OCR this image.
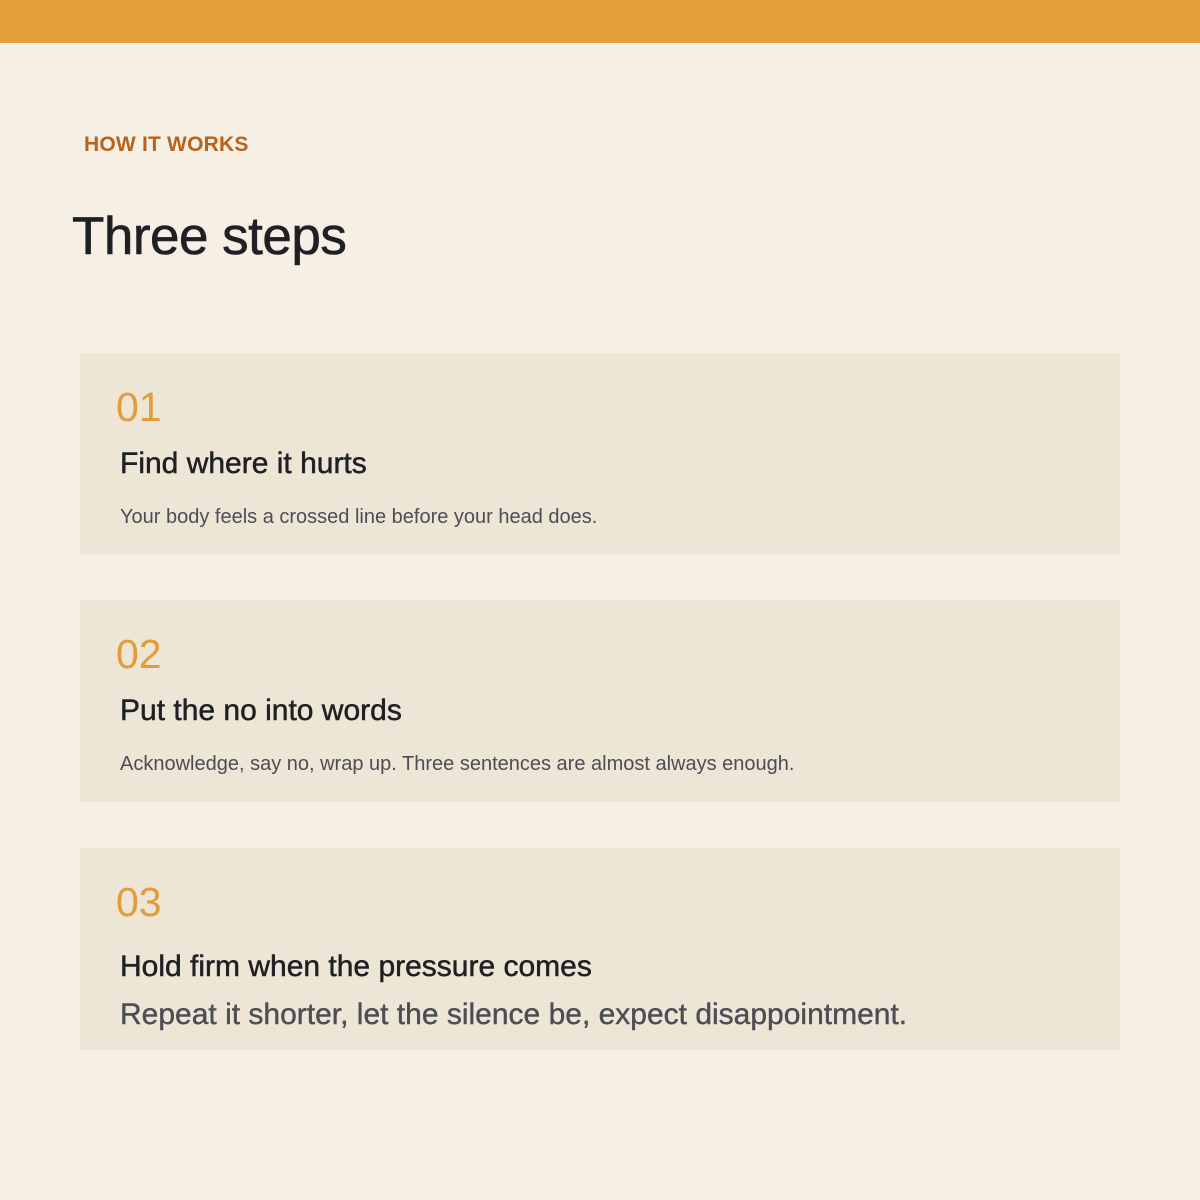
HOW IT WORKS
Three steps
01
Find where it hurts
Your body feels a crossed line before your head does.
02
Put the no into words
Acknowledge, say no, wrap up. Three sentences are almost always enough.
03
Hold firm when the pressure comes
Repeat it shorter, let the silence be, expect disappointment.
